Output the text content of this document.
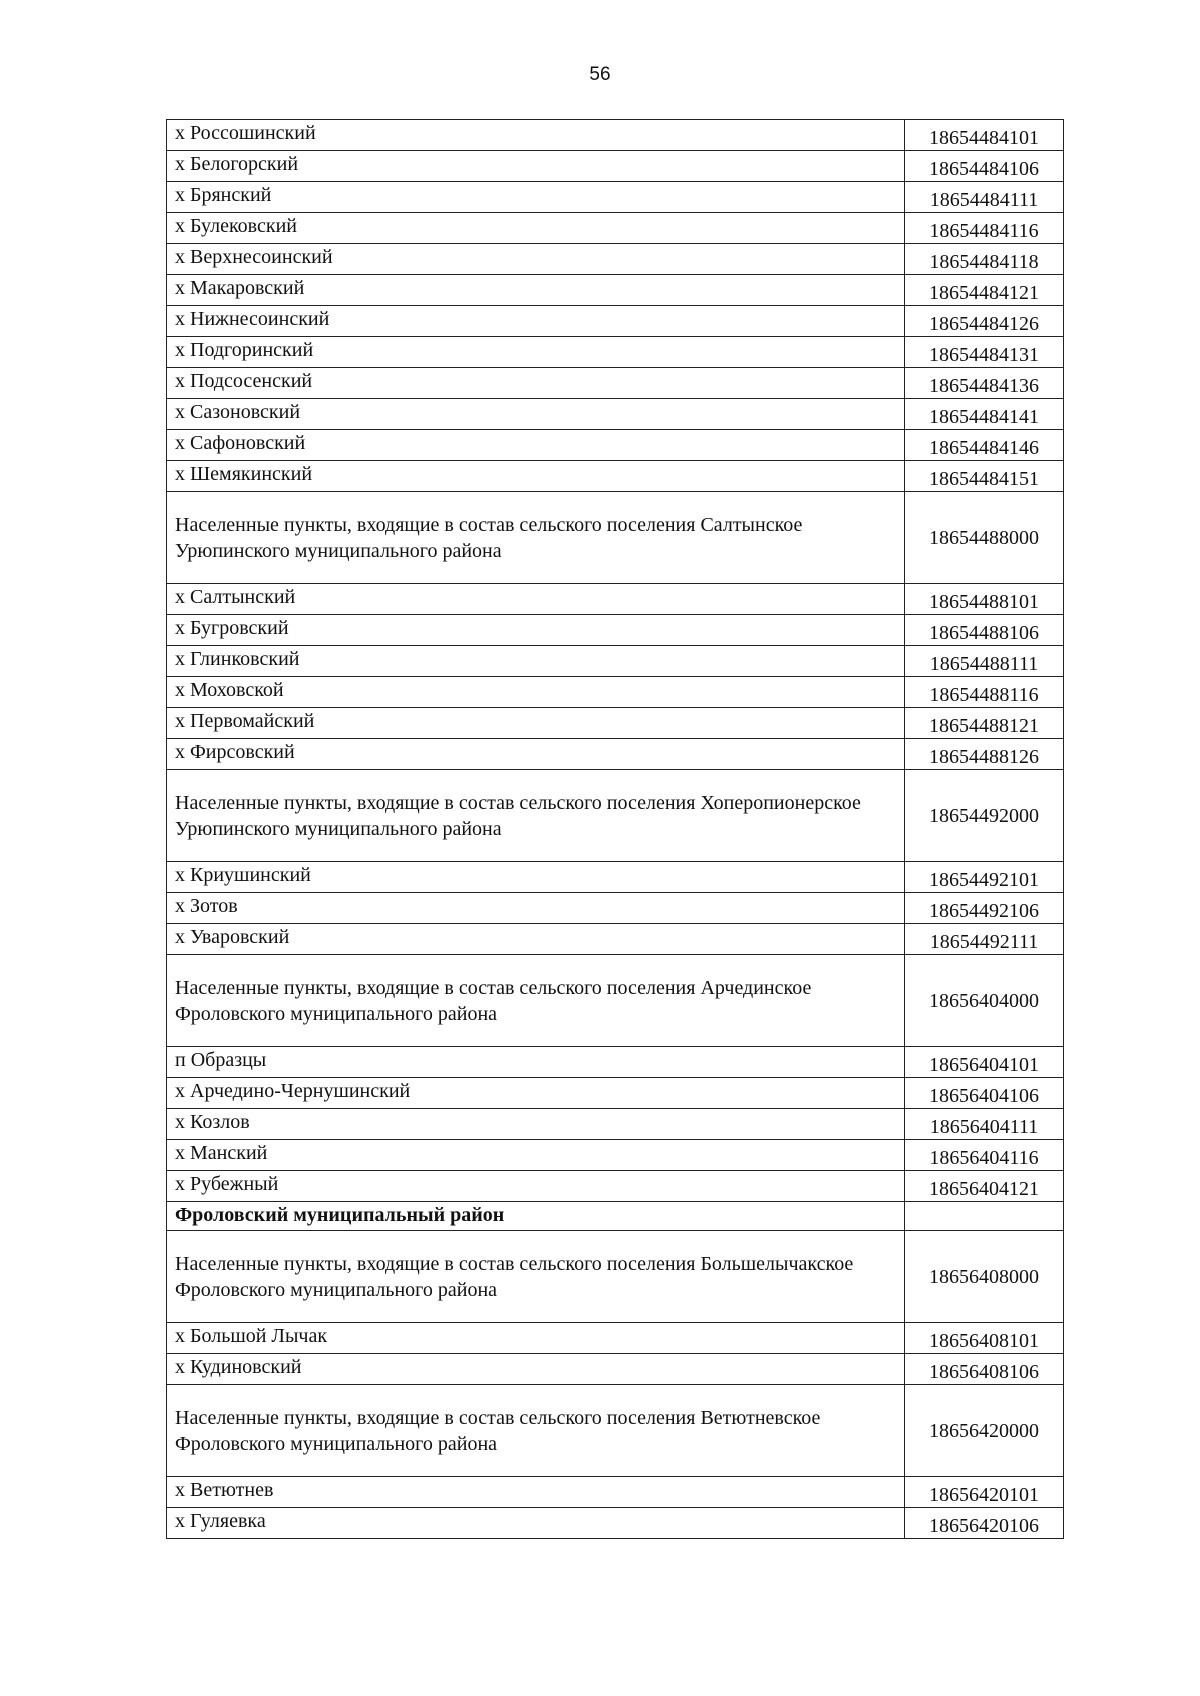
56
х Россошинский	18654484101
х Белогорский	18654484106
х Брянский	18654484111
х Булековский	18654484116
х Верхнесоинский	18654484118
х Макаровский	18654484121
х Нижнесоинский	18654484126
х Подгоринский	18654484131
х Подсосенский	18654484136
х Сазоновский	18654484141
х Сафоновский	18654484146
х Шемякинский	18654484151
Населенные пункты, входящие в состав сельского поселения Салтынское Урюпинского муниципального района	18654488000
х Салтынский	18654488101
х Бугровский	18654488106
х Глинковский	18654488111
х Моховской	18654488116
х Первомайский	18654488121
х Фирсовский	18654488126
Населенные пункты, входящие в состав сельского поселения Хоперопионерское Урюпинского муниципального района	18654492000
х Криушинский	18654492101
х Зотов	18654492106
х Уваровский	18654492111
Населенные пункты, входящие в состав сельского поселения Арчединское Фроловского муниципального района	18656404000
п Образцы	18656404101
х Арчедино-Чернушинский	18656404106
х Козлов	18656404111
х Манский	18656404116
х Рубежный	18656404121
Фроловский муниципальный район	
Населенные пункты, входящие в состав сельского поселения Большелычакское Фроловского муниципального района	18656408000
х Большой Лычак	18656408101
х Кудиновский	18656408106
Населенные пункты, входящие в состав сельского поселения Ветютневское Фроловского муниципального района	18656420000
х Ветютнев	18656420101
х Гуляевка	18656420106
